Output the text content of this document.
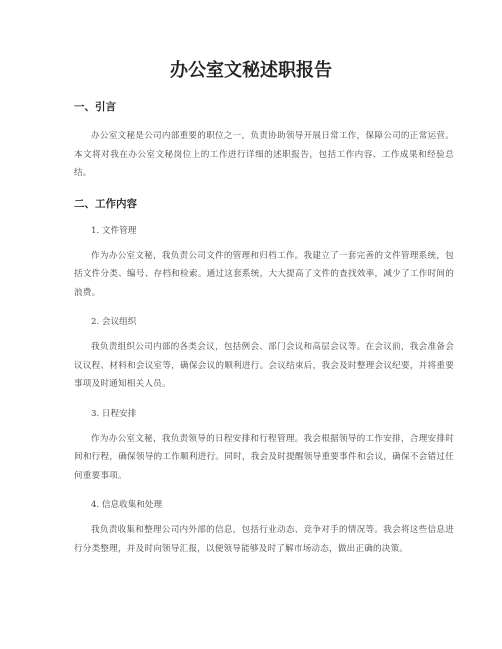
办公室文秘述职报告
一、引言

办公室文秘是公司内部重要的职位之一，负责协助领导开展日常工作，保障公司的正常运营。本文将对我在办公室文秘岗位上的工作进行详细的述职报告，包括工作内容、工作成果和经验总结。

二、工作内容

1. 文件管理

作为办公室文秘，我负责公司文件的管理和归档工作。我建立了一套完善的文件管理系统，包括文件分类、编号、存档和检索。通过这套系统，大大提高了文件的查找效率，减少了工作时间的浪费。

2. 会议组织

我负责组织公司内部的各类会议，包括例会、部门会议和高层会议等。在会议前，我会准备会议议程、材料和会议室等，确保会议的顺利进行。会议结束后，我会及时整理会议纪要，并将重要事项及时通知相关人员。

3. 日程安排

作为办公室文秘，我负责领导的日程安排和行程管理。我会根据领导的工作安排，合理安排时间和行程，确保领导的工作顺利进行。同时，我会及时提醒领导重要事件和会议，确保不会错过任何重要事项。

4. 信息收集和处理

我负责收集和整理公司内外部的信息，包括行业动态、竞争对手的情况等。我会将这些信息进行分类整理，并及时向领导汇报，以便领导能够及时了解市场动态，做出正确的决策。
